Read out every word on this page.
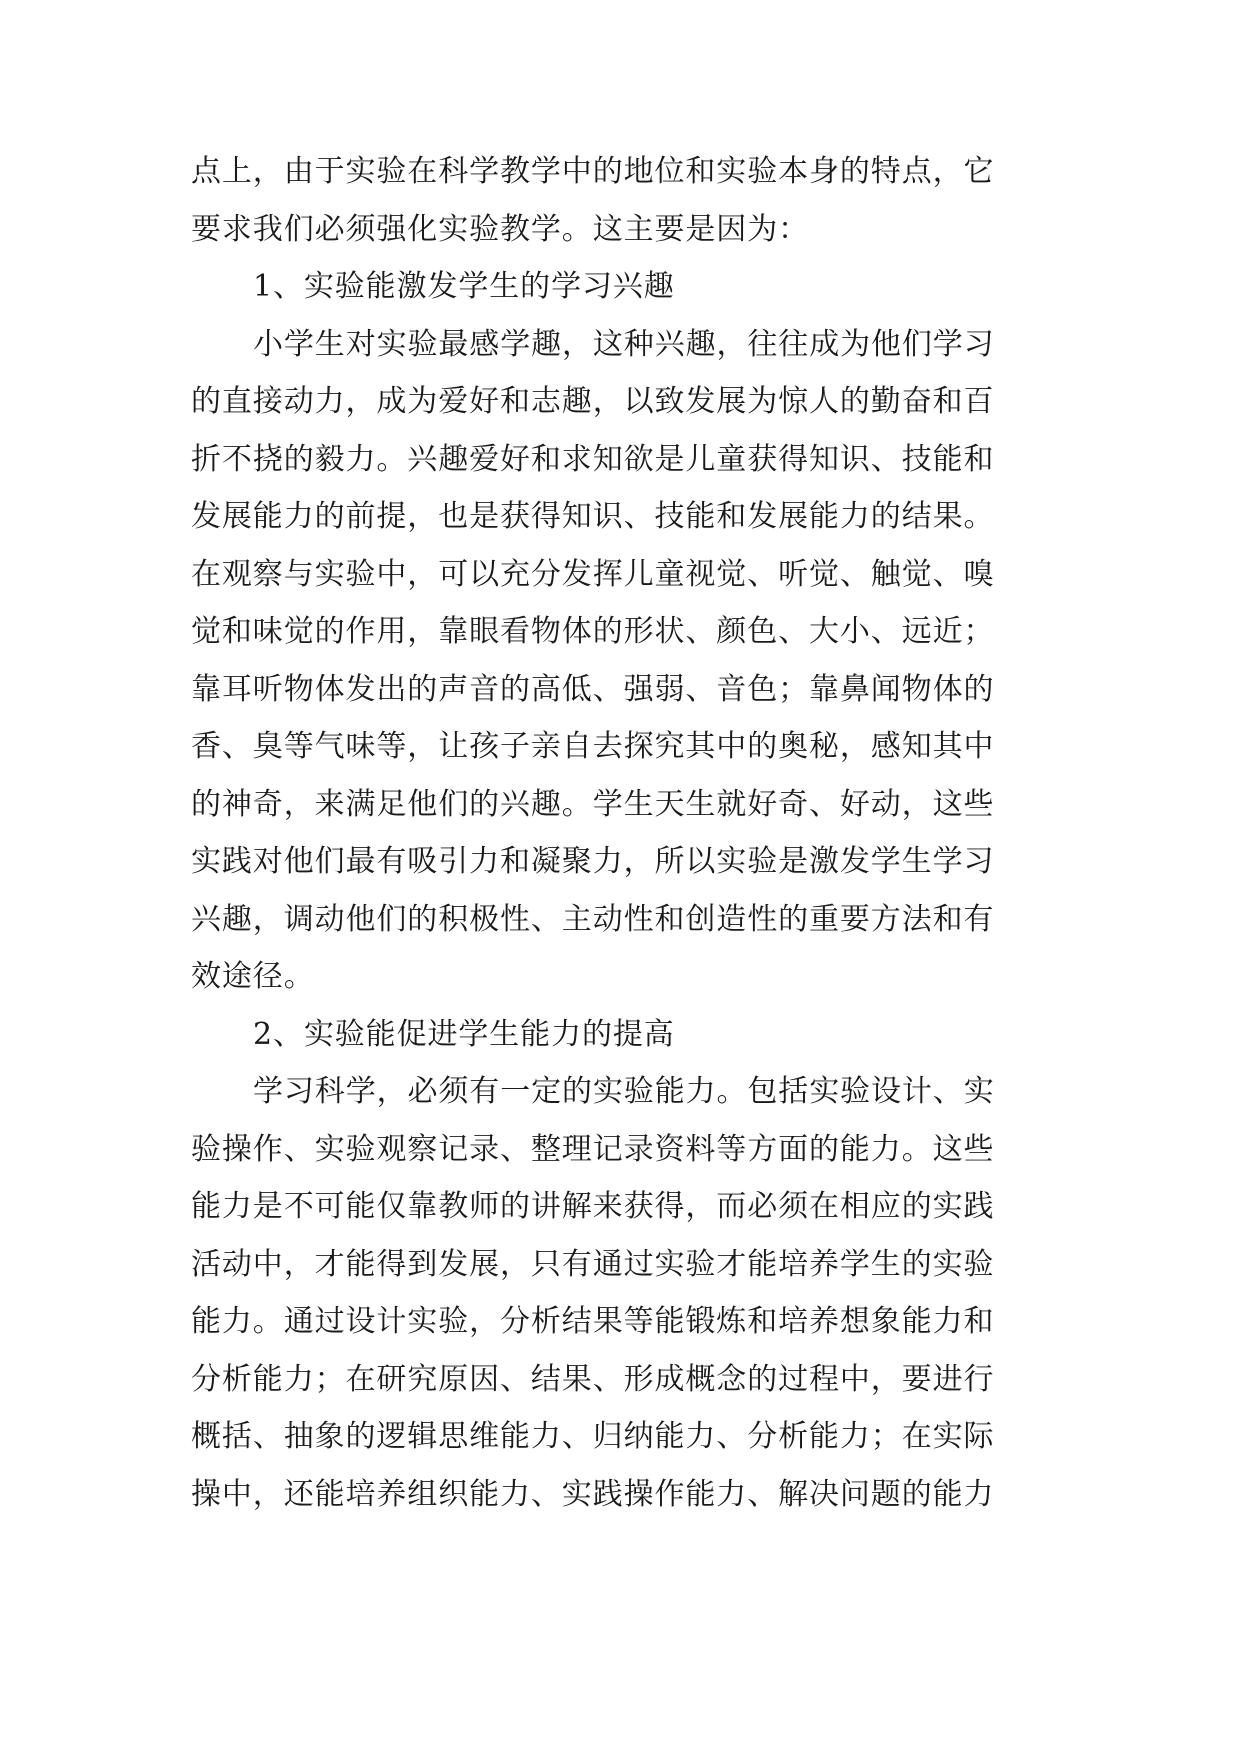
点上，由于实验在科学教学中的地位和实验本身的特点，它
要求我们必须强化实验教学。这主要是因为：
1、实验能激发学生的学习兴趣
小学生对实验最感学趣，这种兴趣，往往成为他们学习
的直接动力，成为爱好和志趣，以致发展为惊人的勤奋和百
折不挠的毅力。兴趣爱好和求知欲是儿童获得知识、技能和
发展能力的前提，也是获得知识、技能和发展能力的结果。
在观察与实验中，可以充分发挥儿童视觉、听觉、触觉、嗅
觉和味觉的作用，靠眼看物体的形状、颜色、大小、远近；
靠耳听物体发出的声音的高低、强弱、音色；靠鼻闻物体的
香、臭等气味等，让孩子亲自去探究其中的奥秘，感知其中
的神奇，来满足他们的兴趣。学生天生就好奇、好动，这些
实践对他们最有吸引力和凝聚力，所以实验是激发学生学习
兴趣，调动他们的积极性、主动性和创造性的重要方法和有
效途径。
2、实验能促进学生能力的提高
学习科学，必须有一定的实验能力。包括实验设计、实
验操作、实验观察记录、整理记录资料等方面的能力。这些
能力是不可能仅靠教师的讲解来获得，而必须在相应的实践
活动中，才能得到发展，只有通过实验才能培养学生的实验
能力。通过设计实验，分析结果等能锻炼和培养想象能力和
分析能力；在研究原因、结果、形成概念的过程中，要进行
概括、抽象的逻辑思维能力、归纳能力、分析能力；在实际
操中，还能培养组织能力、实践操作能力、解决问题的能力
